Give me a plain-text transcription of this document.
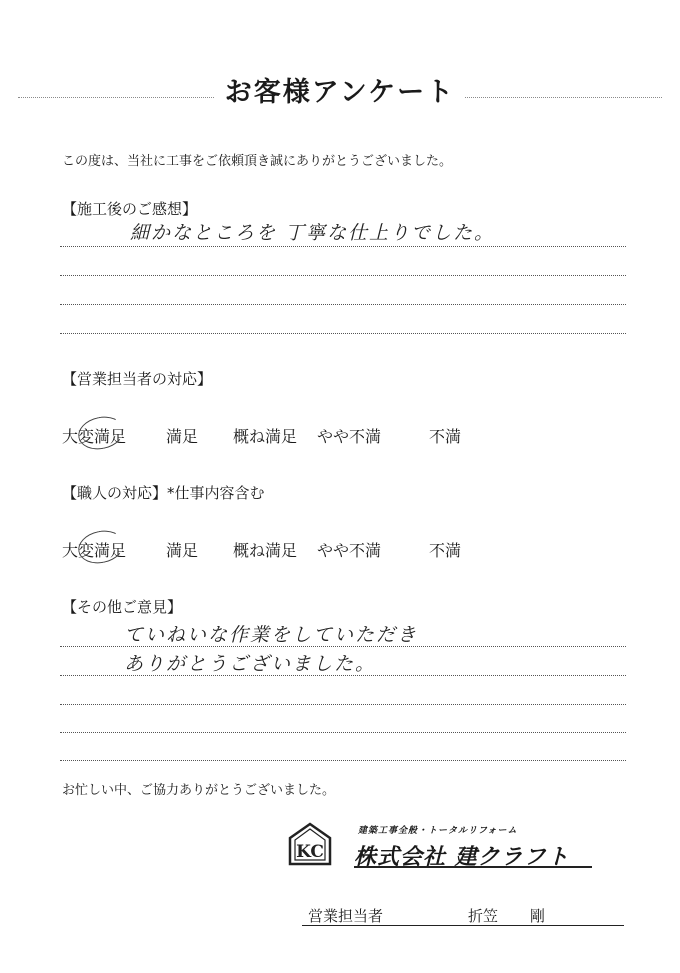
お客様アンケート
この度は、当社に工事をご依頼頂き誠にありがとうございました。
【施工後のご感想】
細かなところを 丁寧な仕上りでした。
【営業担当者の対応】
大変満足	満足	概ね満足	やや不満	不満
【職人の対応】*仕事内容含む
大変満足	満足	概ね満足	やや不満	不満
【その他ご意見】
ていねいな作業をしていただき
ありがとうございました。
お忙しい中、ご協力ありがとうございました。
KC
建築工事全般・トータルリフォーム
株式会社 建クラフト
営業担当者	折笠	剛
